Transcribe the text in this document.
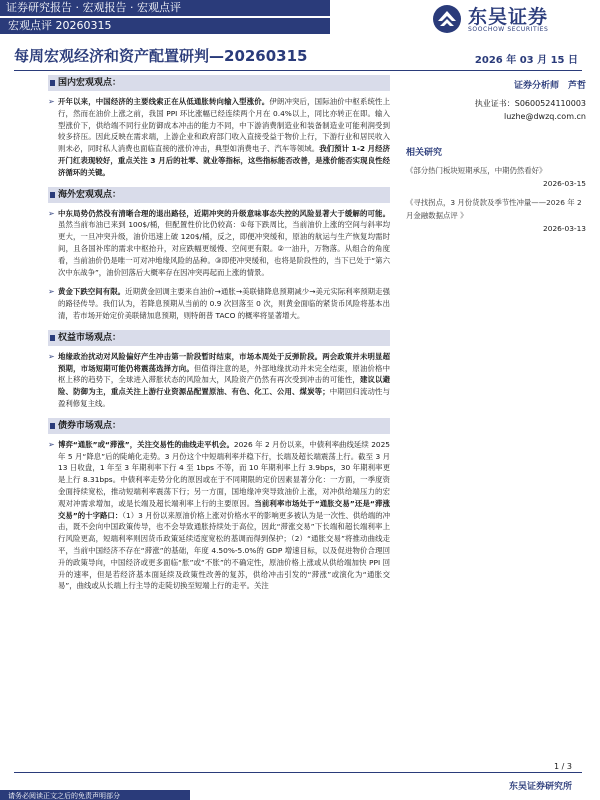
证券研究报告 · 宏观报告 · 宏观点评
宏观点评 20260315	东吴证券
SOOCHOW SECURITIES
每周宏观经济和资产配置研判—20260315	2026 年 03 月 15 日
国内宏观观点：

➢ 开年以来，中国经济的主要线索正在从低通胀转向输入型涨价。伊朗冲突后，国际油价中枢系统性上行，然而在油价上涨之前，我国 PPI 环比涨幅已经连续两个月在 0.4%以上，同比亦转正在即。输入型涨价下，供给端不同行业防御成本冲击的能力不同，中下游消费制造业和装备制造业可能利润受到较多挤压。因此反映在需求端，上游企业和政府部门收入直接受益于物价上行，下游行业和居民收入则未必，同时私人消费也面临直接的涨价冲击，典型如消费电子、汽车等领域。我们预计 1-2 月经济开门红表现较好，重点关注 3 月后的社零、就业等指标，这些指标能否改善，是涨价能否实现良性经济循环的关键。

海外宏观观点：

➢ 中东局势仍然没有清晰合理的退出路径，近期冲突的升级意味事态失控的风险显著大于缓解的可能。虽然当前布油已来到 100$/桶，但配置性价比仍较高：①每下跌周比，当前油价上涨的空间与斜率均更大，一旦冲突升级，油价迅速上破 120$/桶，反之，即便冲突缓和，原油的航运与生产恢复均需时间，且各国补库的需求中枢抬升，对应跌幅更缓慢、空间更有限。②一油升，万物落。从组合的角度看，当前油价仍是唯一可对冲地缘风险的品种。③即使冲突缓和，也将是阶段性的，当下已处于“第六次中东战争”，油价回落后大概率存在因冲突再起而上涨的情景。

➢ 黄金下跌空间有限。近期黄金回调主要来自油价→通胀→美联储降息预期减少→美元实际利率预期走强的路径传导。我们认为，若降息预期从当前的 0.9 次回落至 0 次，则黄金面临的紧货币风险将基本出清，若市场开始定价美联储加息预期，则特朗普 TACO 的概率将显著增大。

权益市场观点：

➢ 地缘政治扰动对风险偏好产生冲击第一阶段暂时结束，市场本周处于反弹阶段。两会政策并未明显超预期，市场短期可能仍将震荡选择方向。但值得注意的是，外部地缘扰动并未完全结束，原油价格中枢上移的趋势下，全球进入滞胀状态的风险加大，风险资产仍然有再次受到冲击的可能性，建议以避险、防御为主，重点关注上游行业资源品配置原油、有色、化工、公用、煤炭等；中期回归流动性与盈利修复主线。

债券市场观点：

➢ 博弈“通胀”或“滞涨”，关注交易性的曲线走平机会。2026 年 2 月份以来，中债利率曲线延续 2025 年 5 月“降息”后的陡峭化走势。3 月份这个中短端利率并稳下行，长端及超长端震荡上行。截至 3 月 13 日收盘，1 年至 3 年期利率下行 4 至 1bps 不等，而 10 年期利率上行 3.9bps，30 年期利率更是上行 8.31bps。中债利率走势分化的原因或在于不同期限的定价因素显著分化：一方面，一季度资金面持续宽松，推动短端利率震荡下行；另一方面，国地缘冲突导致油价上涨，对冲供给端压力的宏观对冲需求增加，或是长端及超长端利率上行的主要原因。当前利率市场处于“通胀交易”还是“滞涨交易”的十字路口：（1）3 月份以来原油价格上涨对价格水平的影响更多被认为是一次性、供给端的冲击，既不会向中国政策传导，也不会导致通胀持续处于高位，因此“滞涨交易”下长端和超长端利率上行风险更高，短端利率则因货币政策延续适度宽松的基调而得到保护；（2）“通胀交易”将推动曲线走平，当前中国经济不存在“滞涨”的基础，年度 4.50%-5.0%的 GDP 增速目标，以及促进物价合理回升的政策导向，中国经济或更多面临“胀”或“不胀”的不确定性，原油价格上涨或从供给端加快 PPI 回升的速率，但是若经济基本面延续及政策性改善的复苏，供给冲击引发的“滞涨”或演化为“通胀交易”，曲线或从长端上行主导的走陡切换至短端上行的走平。关注

证券分析师　芦哲
执业证书：S0600524110003
luzhe@dwzq.com.cn
相关研究
《部分热门板块短期承压，中期仍然看好》
2026-03-15
《寻找拐点，3 月份货款及季节性冲量——2026 年 2 月金融数据点评 》
2026-03-13
1 / 3
东吴证券研究所
请务必阅读正文之后的免责声明部分
